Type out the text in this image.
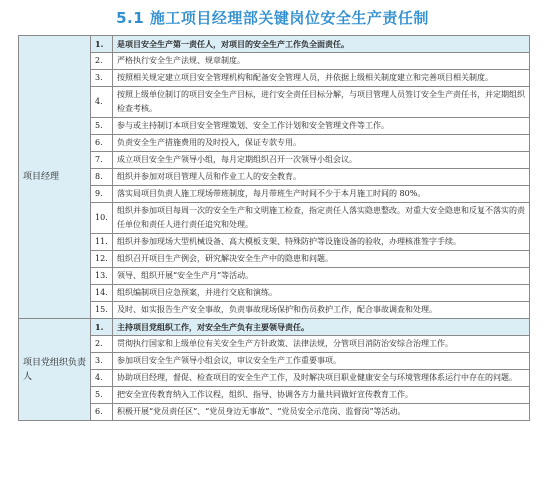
5.1 施工项目经理部关键岗位安全生产责任制
项目经理	1.	是项目安全生产第一责任人，对项目的安全生产工作负全面责任。
	2.	严格执行安全生产法规、规章制度。
	3.	按照相关规定建立项目安全管理机构和配备安全管理人员，并依据上级相关制度建立和完善项目相关制度。
	4.	按照上级单位制订的项目安全生产目标，进行安全责任目标分解，与项目管理人员签订安全生产责任书，并定期组织检查考核。
	5.	参与或主持制订本项目安全管理策划、安全工作计划和安全管理文件等工作。
	6.	负责安全生产措施费用的及时投入，保证专款专用。
	7.	成立项目安全生产领导小组，每月定期组织召开一次领导小组会议。
	8.	组织并参加对项目管理人员和作业工人的安全教育。
	9.	落实局项目负责人施工现场带班制度，每月带班生产时间不少于本月施工时间的 80%。
	10.	组织并参加项目每周一次的安全生产和文明施工检查，指定责任人落实隐患整改。对重大安全隐患和反复不落实的责任单位和责任人进行责任追究和处理。
	11.	组织并参加现场大型机械设备、高大模板支架、特殊防护等设施设备的验收，办理核准签字手续。
	12.	组织召开项目生产例会，研究解决安全生产中的隐患和问题。
	13.	领导、组织开展“安全生产月”等活动。
	14.	组织编制项目应急预案，并进行交底和演练。
	15.	及时、如实报告生产安全事故，负责事故现场保护和伤员救护工作，配合事故调查和处理。
项目党组织负责人	1.	主持项目党组织工作，对安全生产负有主要领导责任。
	2.	贯彻执行国家和上级单位有关安全生产方针政策、法律法规，分管项目消防治安综合治理工作。
	3.	参加项目安全生产领导小组会议，审议安全生产工作重要事项。
	4.	协助项目经理，督促、检查项目的安全生产工作，及时解决项目职业健康安全与环境管理体系运行中存在的问题。
	5.	把安全宣传教育纳入工作议程，组织、指导、协调各方力量共同做好宣传教育工作。
	6.	积极开展“党员责任区”、“党员身边无事故”、“党员安全示范岗、监督岗”等活动。
